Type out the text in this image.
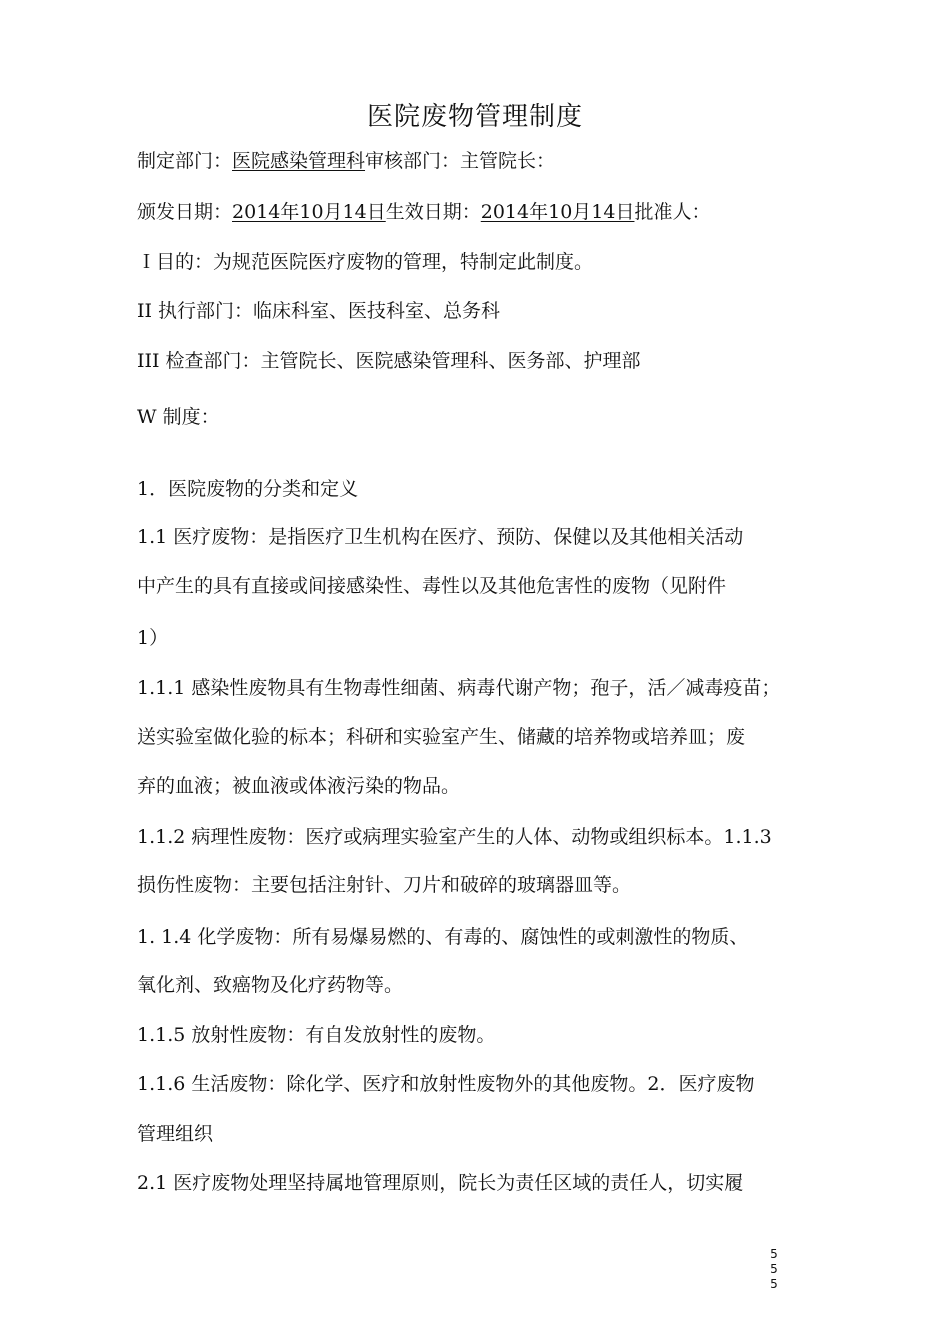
医院废物管理制度
制定部门：医院感染管理科审核部门：主管院长：
颁发日期：2014年10月14日生效日期：2014年10月14日批准人：
Ｉ目的：为规范医院医疗废物的管理，特制定此制度。
II 执行部门：临床科室、医技科室、总务科
III 检查部门：主管院长、医院感染管理科、医务部、护理部
W 制度：
1．医院废物的分类和定义
1.1 医疗废物：是指医疗卫生机构在医疗、预防、保健以及其他相关活动
中产生的具有直接或间接感染性、毒性以及其他危害性的废物（见附件
1）
1.1.1 感染性废物具有生物毒性细菌、病毒代谢产物；孢子，活／减毒疫苗；
送实验室做化验的标本；科研和实验室产生、储藏的培养物或培养皿；废
弃的血液；被血液或体液污染的物品。
1.1.2 病理性废物：医疗或病理实验室产生的人体、动物或组织标本。1.1.3
损伤性废物：主要包括注射针、刀片和破碎的玻璃器皿等。
1. 1.4 化学废物：所有易爆易燃的、有毒的、腐蚀性的或刺激性的物质、
氧化剂、致癌物及化疗药物等。
1.1.5 放射性废物：有自发放射性的废物。
1.1.6 生活废物：除化学、医疗和放射性废物外的其他废物。2．医疗废物
管理组织
2.1 医疗废物处理坚持属地管理原则，院长为责任区域的责任人，切实履
5
5
5
